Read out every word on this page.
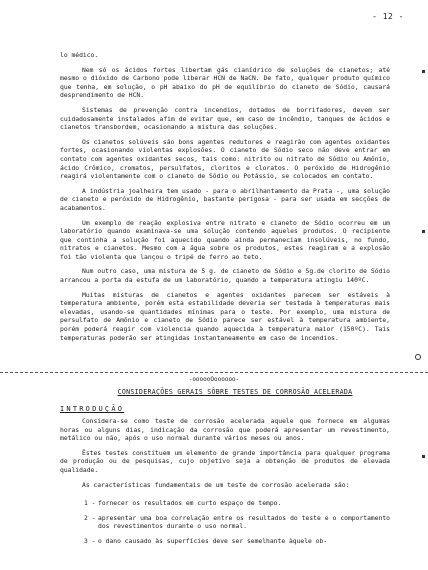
- 12 -

lo médico.

Nem só os ácidos fortes libertam gás cianídrico de soluções de cianetos; até mesmo o dióxido de Carbono pode liberar HCN de NaCN. De fato, qualquer produto químico que tenha, em solução, o pH abaixo do pH de equilíbrio do cianeto de Sódio, causará desprendimento de HCN.

Sistemas de prevenção contra incendios, dotados de borrifadores, devem ser cuidadosamente instalados afim de evitar que, em caso de incêndio, tanques de ácidos e cianetos transbordem, ocasionando a mistura das soluções.

Os cianetos solúveis são bons agentes redutores e reagirão com agentes oxidantes fortes, ocasionando violentas explosões. O cianeto de Sódio seco não deve entrar em contato com agentes oxidantes secos, tais como: nitrito ou nitrato de Sódio ou Amônio, ácido Crômico, cromatos, persulfatos, cloritos e cloratos. O peróxido de Hidrogênio reagirá violentamente com o cianeto de Sódio ou Potássio, se colocados em contato.

A indústria joalheira tem usado - para o abrilhantamento da Prata -, uma solução de cianeto e peróxido de Hidrogênio, bastante perigosa - para ser usada em secções de acabamentos.

Um exemplo de reação explosiva entre nitrato e cianeto de Sódio ocorreu em um laboratório quando examinava-se uma solução contendo aqueles produtos. O recipiente que continha a solução foi aquecido quando ainda permaneciam insolúveis, no fundo, nitratos e cianetos. Mesmo com a água sobre os produtos, estes reagiram e a explosão foi tão violenta que lançou o tripé de ferro ao teto.

Num outro caso, uma mistura de 5 g. de cianeto de Sódio e 5g.de clorito de Sódio arrancou a porta da estufa de um laboratório, quando a temperatura atingiu 140ºC.

Muitas misturas de cianetos e agentes oxidantes parecem ser estáveis à temperatura ambiente, porém esta estabilidade deveria ser testada à temperaturas mais elevadas, usando-se quantidades mínimas para o teste. Por exemplo, uma mistura de persulfato de Amônio e cianeto de Sódio parece ser estável à temperatura ambiente, porém poderá reagir com violencia quando aquecida à temperatura maior (150ºC). Tais temperaturas poderão ser atingidas instantaneamente em caso de incendios.

-oooooOoooooo-
CONSIDERAÇÕES GERAIS SÔBRE TESTES DE CORROSÃO ACELERADA
INTRODUÇÃO

Considera-se como teste de corrosão acelerada aquele que fornece em algumas horas ou alguns dias, indicação da corrosão que poderá apresentar um revestimento, metálico ou não, após o uso normal durante vários meses ou anos.

Êstes testes constituem um elemento de grande importância para qualquer programa de produção ou de pesquisas, cujo objetivo seja a obtenção de produtos de elevada qualidade.

As características fundamentais de um teste de corrosão acelerada são:

1 - fornecer os resultados em curto espaço de tempo.
2 - apresentar uma boa correlação entre os resultados do teste e o comportamento dos revestimentos durante o uso normal.
3 - o dano causado às superfícies deve ser semelhante àquele ob-
